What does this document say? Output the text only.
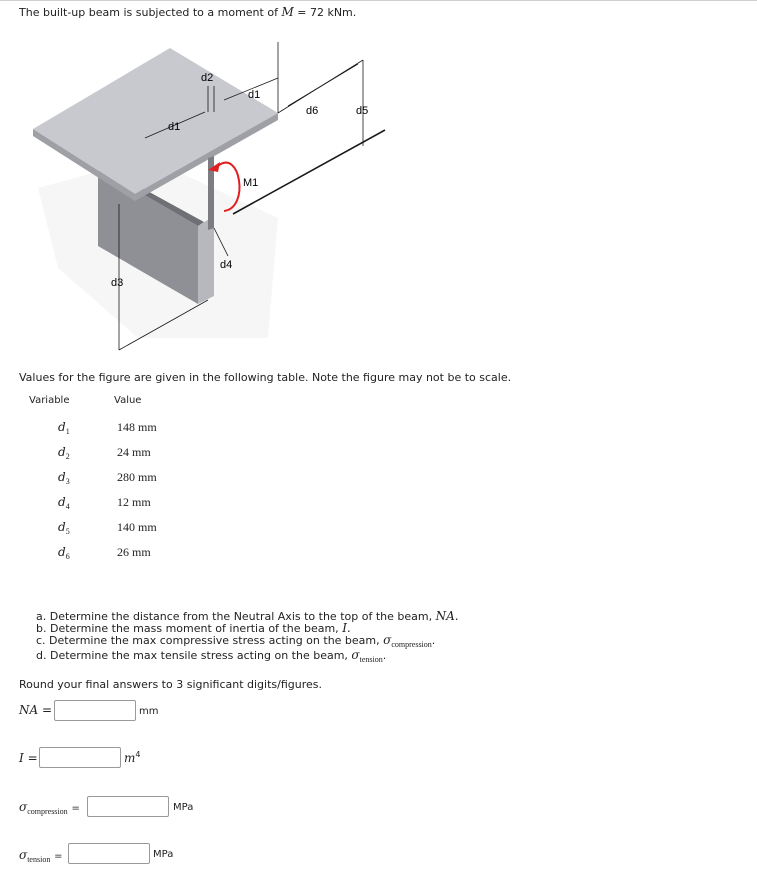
The built-up beam is subjected to a moment of M = 72 kNm.
M1
d2
d1
d1
d6	d5
d4
d3
Values for the figure are given in the following table. Note the figure may not be to scale.
Variable	Value
$d_1$	148 mm
$d_2$	24 mm
$d_3$	280 mm
$d_4$	12 mm
$d_5$	140 mm
$d_6$	26 mm
a. Determine the distance from the Neutral Axis to the top of the beam, NA.
b. Determine the mass moment of inertia of the beam, I.
c. Determine the max compressive stress acting on the beam, $\sigma_{compression}$.
d. Determine the max tensile stress acting on the beam, $\sigma_{tension}$.
Round your final answers to 3 significant digits/figures.
NA =	mm
I =	$m^4$
$\sigma_{compression}$ =	MPa
$\sigma_{tension}$ =	MPa
